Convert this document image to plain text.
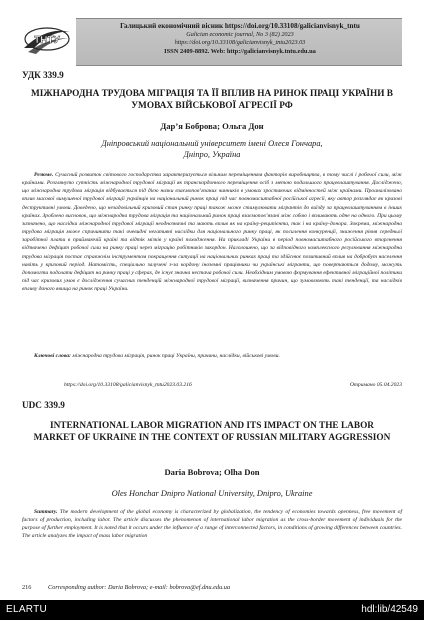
ТНТУ
Галицький економічний вісник https://doi.org/10.33108/galicianvisnyk_tntu
Galician economic journal, No 3 (82) 2023
https://doi.org/10.33108/galicianvisnyk_tntu2023.03
ISSN 2409-8892. Web: http://galicianvisnyk.tntu.edu.ua
УДК 339.9
МІЖНАРОДНА ТРУДОВА МІГРАЦІЯ ТА ЇЇ ВПЛИВ НА РИНОК ПРАЦІ УКРАЇНИ В УМОВАХ ВІЙСЬКОВОЇ АГРЕСІЇ РФ
Дар’я Боброва; Ольга Дон
Дніпровський національний університет імені Олеся Гончара,
Дніпро, Україна

Резюме. Сучасний розвиток світового господарства характеризується вільним переміщенням факторів виробництва, в тому числі і робочої сили, між країнами. Розглянуто сутність міжнародної трудової міграції як транскордонного переміщення осіб з метою подальшого працевлаштування. Досліджено, що міжнародна трудова міграція відбувається під дією низки взаємопов’язаних чинників в умовах зростаючих відмінностей між країнами. Проаналізовано вплив масової вимушеної трудової міграції українців на національний ринок праці під час повномасштабної російської агресії, яку автор розглядає як кризові деструктивні умови. Доведено, що незадовільний кризовий стан ринку праці також може стимулювати мігрантів до виїзду за працевлаштуванням в інших країнах. Зроблено висновок, що міжнародна трудова міграція та національний ринок праці взаємопов’язані між собою і впливають одне на одного. При цьому зазначено, що наслідки міжнародної трудової міграції неоднозначні та мають вплив як на країну-реципієнта, так і на країну-донора. Зокрема, міжнародна трудова міграція може спричинити такі очевидні негативні наслідки для національного ринку праці, як посилення конкуренції, зниження рівня середньої заробітної плати в приймаючій країні та відтік мізків у країні походження. На прикладі України в період повномасштабного російського вторгнення відзначено дефіцит робочої сили на ринку праці через міграцію робітників закордон. Наголошено, що за відповідного комплексного регулювання міжнародна трудова міграція постає справжнім інструментом покращення ситуації на національних ринках праці та здійснює позитивний вплив на добробут населення навіть у кризовий період. Натомість, спеціально залучені з-за кордону іноземні працівники чи українські мігранти, що повертаються додому, можуть допомогти подолати дефіцит на ринку праці у сферах, де існує значна нестача робочої сили. Необхідним умовою формування ефективної міграційної політики під час кризових умов є дослідження сучасних тенденцій міжнародної трудової міграції, визначення причин, що зумовлюють такі тенденції, та наслідків впливу даного явища на ринок праці України.

Ключові слова: міжнародна трудова міграція, ринок праці України, причини, наслідки, військові умови.

https://doi.org/10.33108/galicianvisnyk_tntu2023.03.216	Отримано 05.04.2023
UDC 339.9
INTERNATIONAL LABOR MIGRATION AND ITS IMPACT ON THE LABOR MARKET OF UKRAINE IN THE CONTEXT OF RUSSIAN MILITARY AGGRESSION
Daria Bobrova; Olha Don
Oles Honchar Dnipro National University, Dnipro, Ukraine

Summary. The modern development of the global economy is characterized by globalization, the tendency of economies towards openness, free movement of factors of production, including labor. The article discusses the phenomenon of international labor migration as the cross-border movement of individuals for the purpose of further employment. It is noted that it occurs under the influence of a range of interconnected factors, in conditions of growing differences between countries. The article analyzes the impact of mass labor migration

216	Corresponding author: Daria Bobrova; e-mail: bobrova@ef.dnu.edu.ua
ELARTU	hdl:lib/42549
